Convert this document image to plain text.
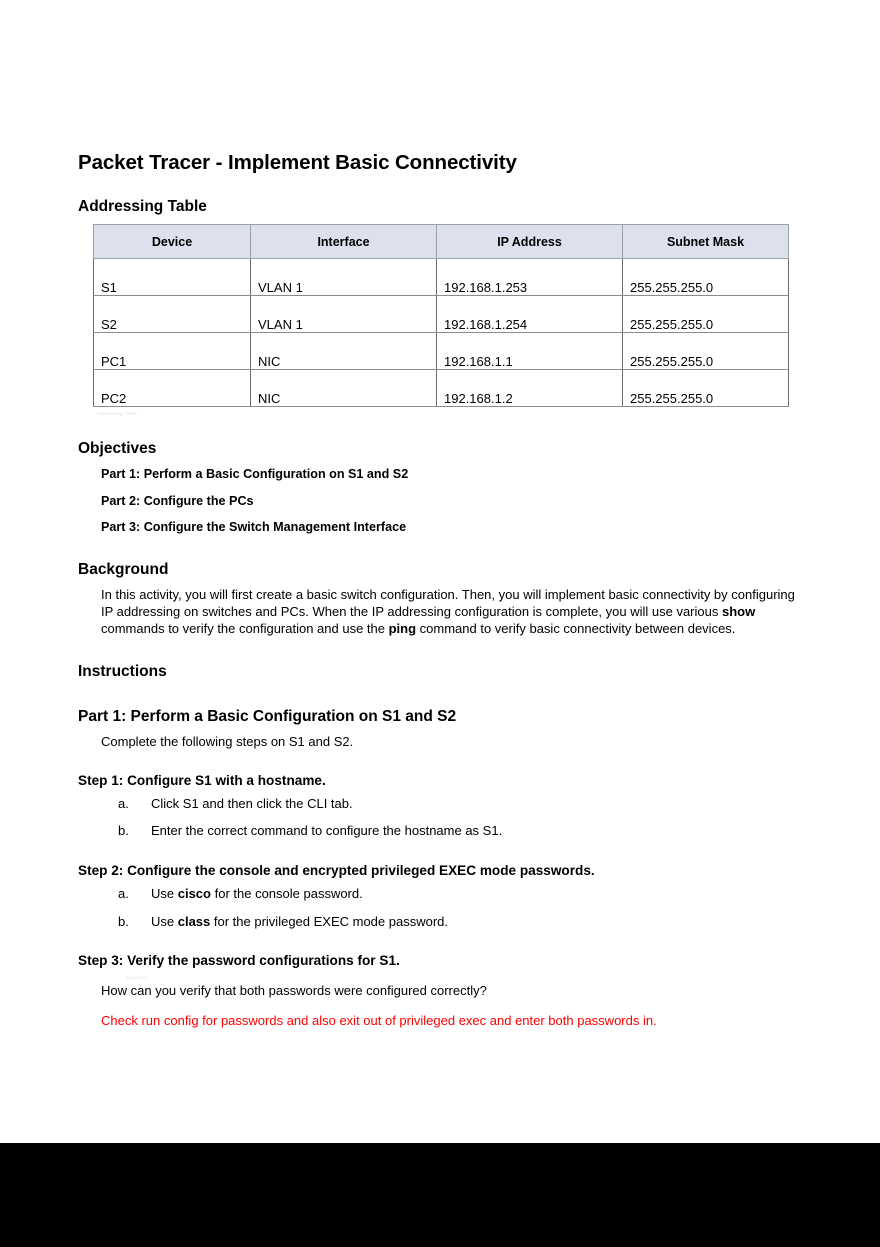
Packet Tracer - Implement Basic Connectivity
Addressing Table
Device	Interface	IP Address	Subnet Mask
S1	VLAN 1	192.168.1.253	255.255.255.0
S2	VLAN 1	192.168.1.254	255.255.255.0
PC1	NIC	192.168.1.1	255.255.255.0
PC2	NIC	192.168.1.2	255.255.255.0
Addressing Table
Objectives
Part 1: Perform a Basic Configuration on S1 and S2
Part 2: Configure the PCs
Part 3: Configure the Switch Management Interface
Background

In this activity, you will first create a basic switch configuration. Then, you will implement basic connectivity by configuring IP addressing on switches and PCs. When the IP addressing configuration is complete, you will use various show commands to verify the configuration and use the ping command to verify basic connectivity between devices.

Instructions
Part 1: Perform a Basic Configuration on S1 and S2

Complete the following steps on S1 and S2.

Step 1: Configure S1 with a hostname.
a. Click S1 and then click the CLI tab.
b. Enter the correct command to configure the hostname as S1.
Step 2: Configure the console and encrypted privileged EXEC mode passwords.
a. Use cisco for the console password.
b. Use class for the privileged EXEC mode password.
Step 3: Verify the password configurations for S1.
Question:

How can you verify that both passwords were configured correctly?

Check run config for passwords and also exit out of privileged exec and enter both passwords in.
